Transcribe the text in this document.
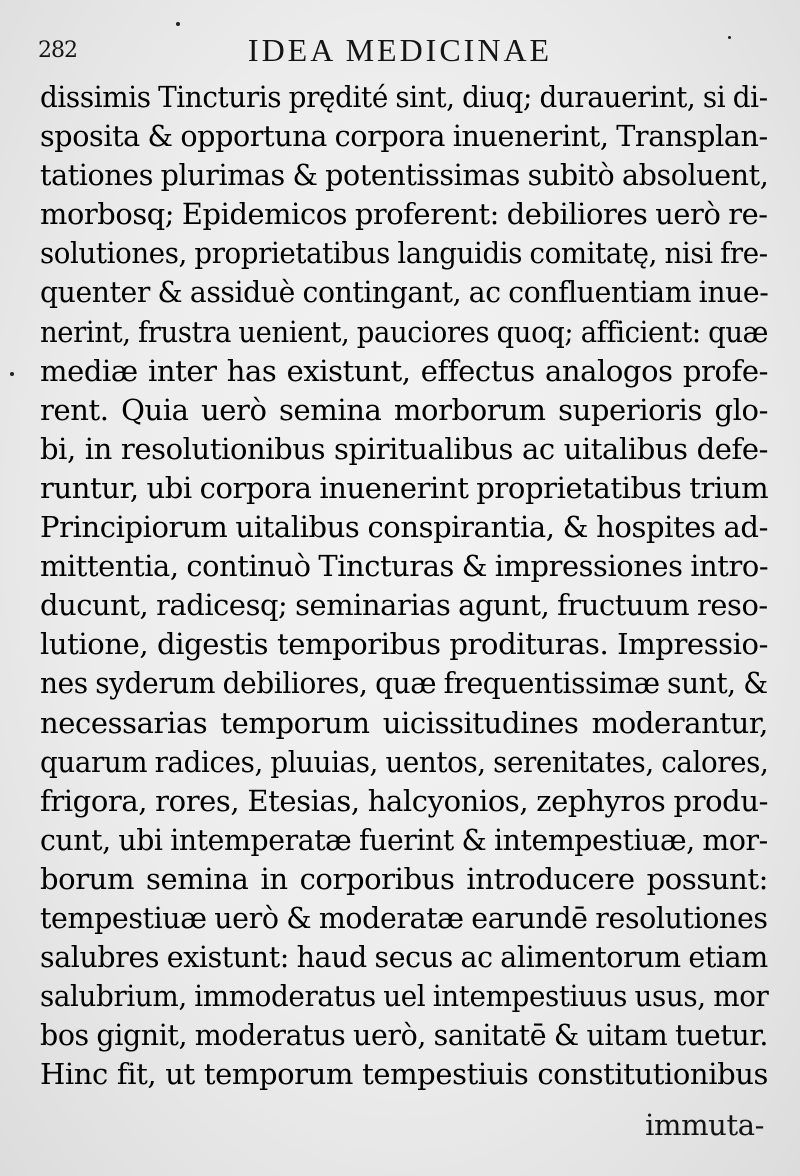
282	IDEA MEDICINAE
dissimis Tincturis prędité sint, diuq; durauerint, si di-
sposita & opportuna corpora inuenerint, Transplan-
tationes plurimas & potentissimas subitò absoluent,
morbosq; Epidemicos proferent: debiliores uerò re-
solutiones, proprietatibus languidis comitatę, nisi fre-
quenter & assiduè contingant, ac confluentiam inue-
nerint, frustra uenient, pauciores quoq; afficient: quæ
mediæ inter has existunt, effectus analogos profe-
rent. Quia uerò semina morborum superioris glo-
bi, in resolutionibus spiritualibus ac uitalibus defe-
runtur, ubi corpora inuenerint proprietatibus trium
Principiorum uitalibus conspirantia, & hospites ad-
mittentia, continuò Tincturas & impressiones intro-
ducunt, radicesq; seminarias agunt, fructuum reso-
lutione, digestis temporibus prodituras. Impressio-
nes syderum debiliores, quæ frequentissimæ sunt, &
necessarias temporum uicissitudines moderantur,
quarum radices, pluuias, uentos, serenitates, calores,
frigora, rores, Etesias, halcyonios, zephyros produ-
cunt, ubi intemperatæ fuerint & intempestiuæ, mor-
borum semina in corporibus introducere possunt:
tempestiuæ uerò & moderatæ earundē resolutiones
salubres existunt: haud secus ac alimentorum etiam
salubrium, immoderatus uel intempestiuus usus, mor
bos gignit, moderatus uerò, sanitatē & uitam tuetur.
Hinc fit, ut temporum tempestiuis constitutionibus
immuta-
